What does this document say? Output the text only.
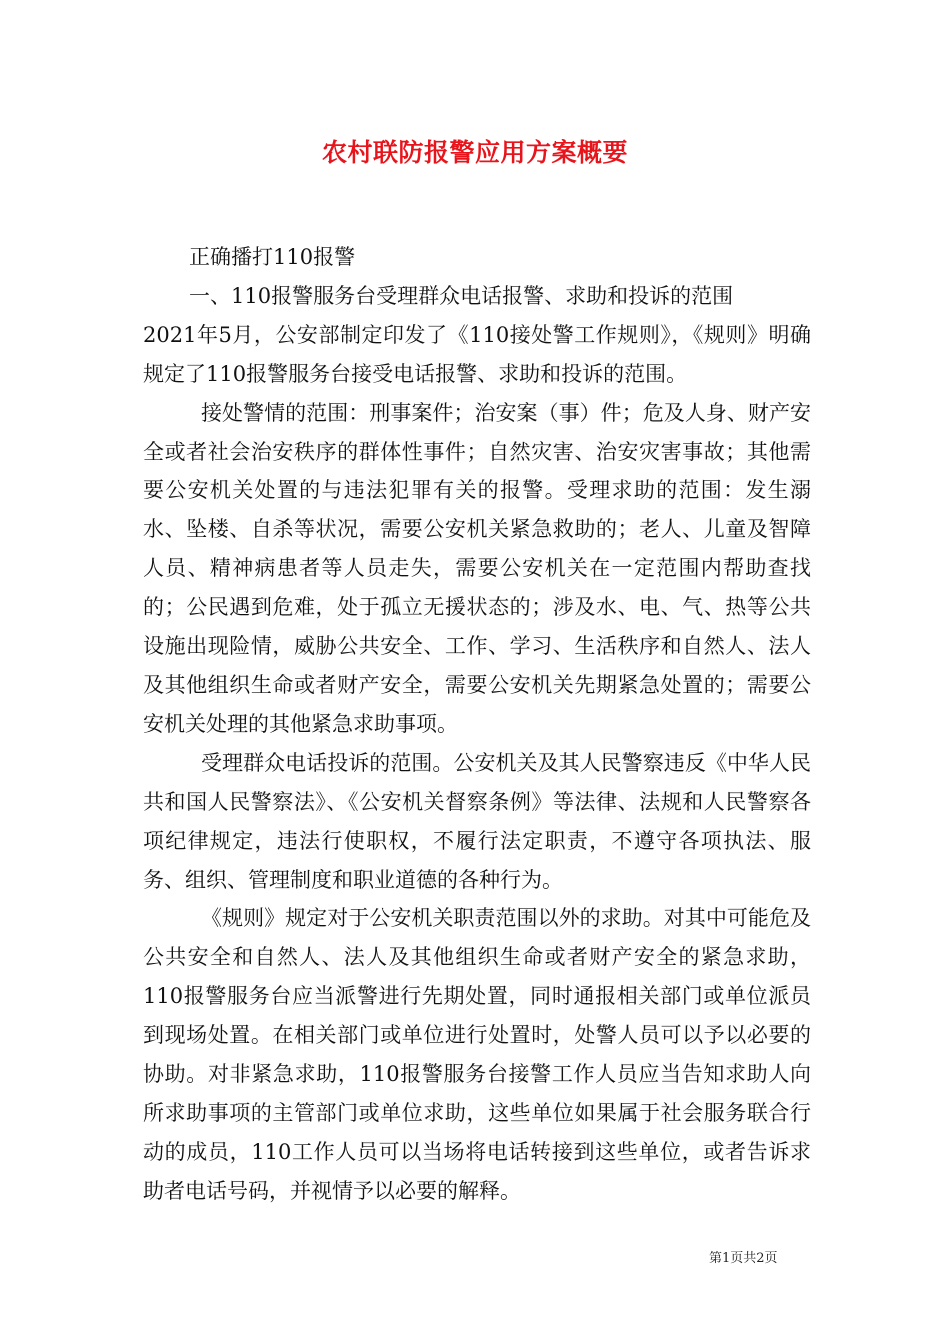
农村联防报警应用方案概要

正确播打110报警

一、110报警服务台受理群众电话报警、求助和投诉的范围

2021年5月，公安部制定印发了《110接处警工作规则》，《规则》明确规定了110报警服务台接受电话报警、求助和投诉的范围。

接处警情的范围：刑事案件；治安案（事）件；危及人身、财产安全或者社会治安秩序的群体性事件；自然灾害、治安灾害事故；其他需要公安机关处置的与违法犯罪有关的报警。受理求助的范围：发生溺水、坠楼、自杀等状况，需要公安机关紧急救助的；老人、儿童及智障人员、精神病患者等人员走失，需要公安机关在一定范围内帮助查找的；公民遇到危难，处于孤立无援状态的；涉及水、电、气、热等公共设施出现险情，威胁公共安全、工作、学习、生活秩序和自然人、法人及其他组织生命或者财产安全，需要公安机关先期紧急处置的；需要公安机关处理的其他紧急求助事项。

受理群众电话投诉的范围。公安机关及其人民警察违反《中华人民共和国人民警察法》、《公安机关督察条例》等法律、法规和人民警察各项纪律规定，违法行使职权，不履行法定职责，不遵守各项执法、服务、组织、管理制度和职业道德的各种行为。

《规则》规定对于公安机关职责范围以外的求助。对其中可能危及公共安全和自然人、法人及其他组织生命或者财产安全的紧急求助，110报警服务台应当派警进行先期处置，同时通报相关部门或单位派员到现场处置。在相关部门或单位进行处置时，处警人员可以予以必要的协助。对非紧急求助，110报警服务台接警工作人员应当告知求助人向所求助事项的主管部门或单位求助，这些单位如果属于社会服务联合行动的成员，110工作人员可以当场将电话转接到这些单位，或者告诉求助者电话号码，并视情予以必要的解释。

第1页共2页
